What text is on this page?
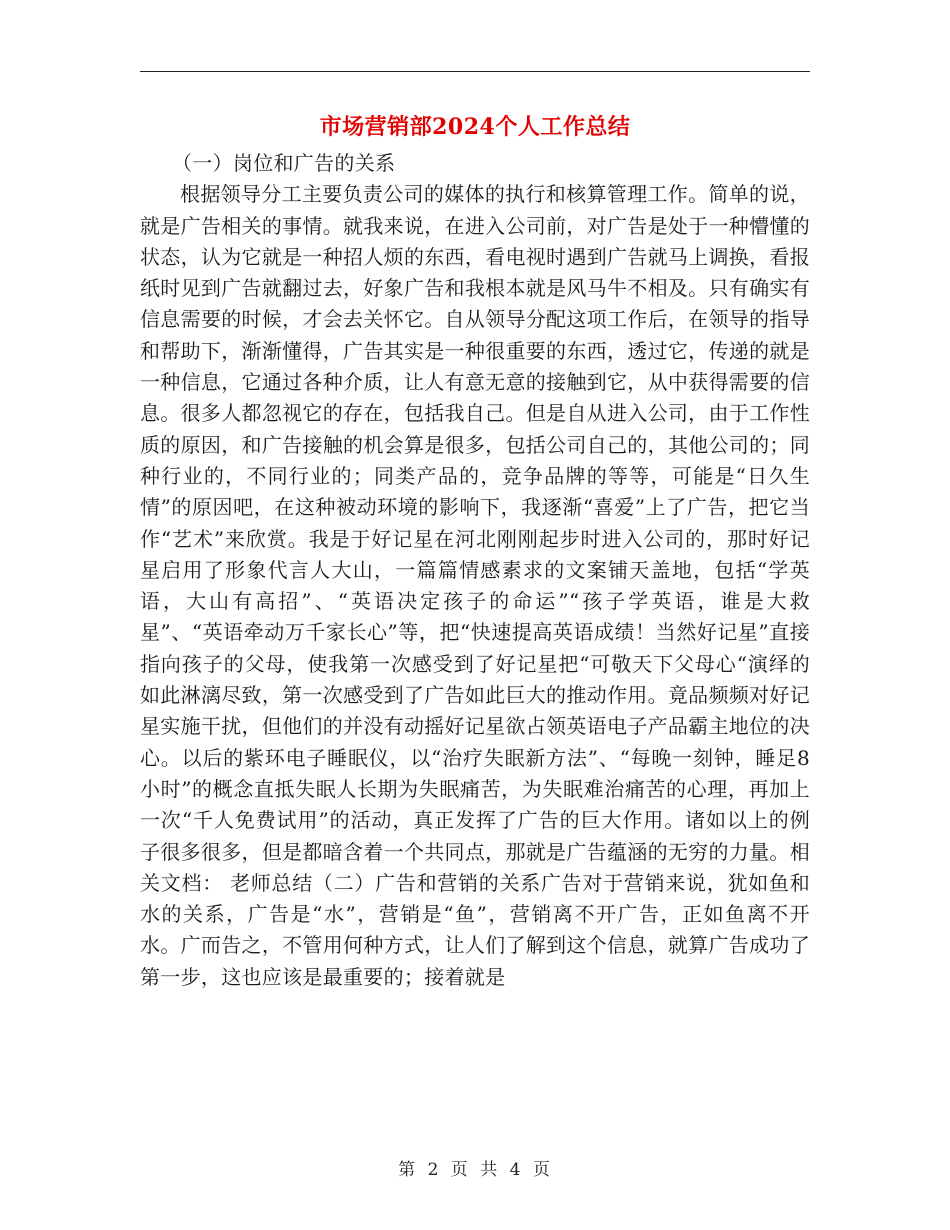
市场营销部2024个人工作总结

（一）岗位和广告的关系

根据领导分工主要负责公司的媒体的执行和核算管理工作。简单的说，就是广告相关的事情。就我来说，在进入公司前，对广告是处于一种懵懂的状态，认为它就是一种招人烦的东西，看电视时遇到广告就马上调换，看报纸时见到广告就翻过去，好象广告和我根本就是风马牛不相及。只有确实有信息需要的时候，才会去关怀它。自从领导分配这项工作后，在领导的指导和帮助下，渐渐懂得，广告其实是一种很重要的东西，透过它，传递的就是一种信息，它通过各种介质，让人有意无意的接触到它，从中获得需要的信息。很多人都忽视它的存在，包括我自己。但是自从进入公司，由于工作性质的原因，和广告接触的机会算是很多，包括公司自己的，其他公司的；同种行业的，不同行业的；同类产品的，竞争品牌的等等，可能是“日久生情”的原因吧，在这种被动环境的影响下，我逐渐“喜爱”上了广告，把它当作“艺术”来欣赏。我是于好记星在河北刚刚起步时进入公司的，那时好记星启用了形象代言人大山，一篇篇情感素求的文案铺天盖地，包括“学英语，大山有高招”、“英语决定孩子的命运”“孩子学英语，谁是大救星”、“英语牵动万千家长心”等，把“快速提高英语成绩！当然好记星”直接指向孩子的父母，使我第一次感受到了好记星把“可敬天下父母心“演绎的如此淋漓尽致，第一次感受到了广告如此巨大的推动作用。竟品频频对好记星实施干扰，但他们的并没有动摇好记星欲占领英语电子产品霸主地位的决心。以后的紫环电子睡眠仪，以“治疗失眠新方法”、“每晚一刻钟，睡足8小时”的概念直抵失眠人长期为失眠痛苦，为失眠难治痛苦的心理，再加上一次“千人免费试用”的活动，真正发挥了广告的巨大作用。诸如以上的例子很多很多，但是都暗含着一个共同点，那就是广告蕴涵的无穷的力量。相关文档： 老师总结（二）广告和营销的关系广告对于营销来说，犹如鱼和水的关系，广告是“水”，营销是“鱼”，营销离不开广告，正如鱼离不开水。广而告之，不管用何种方式，让人们了解到这个信息，就算广告成功了第一步，这也应该是最重要的；接着就是

第 2 页 共 4 页
